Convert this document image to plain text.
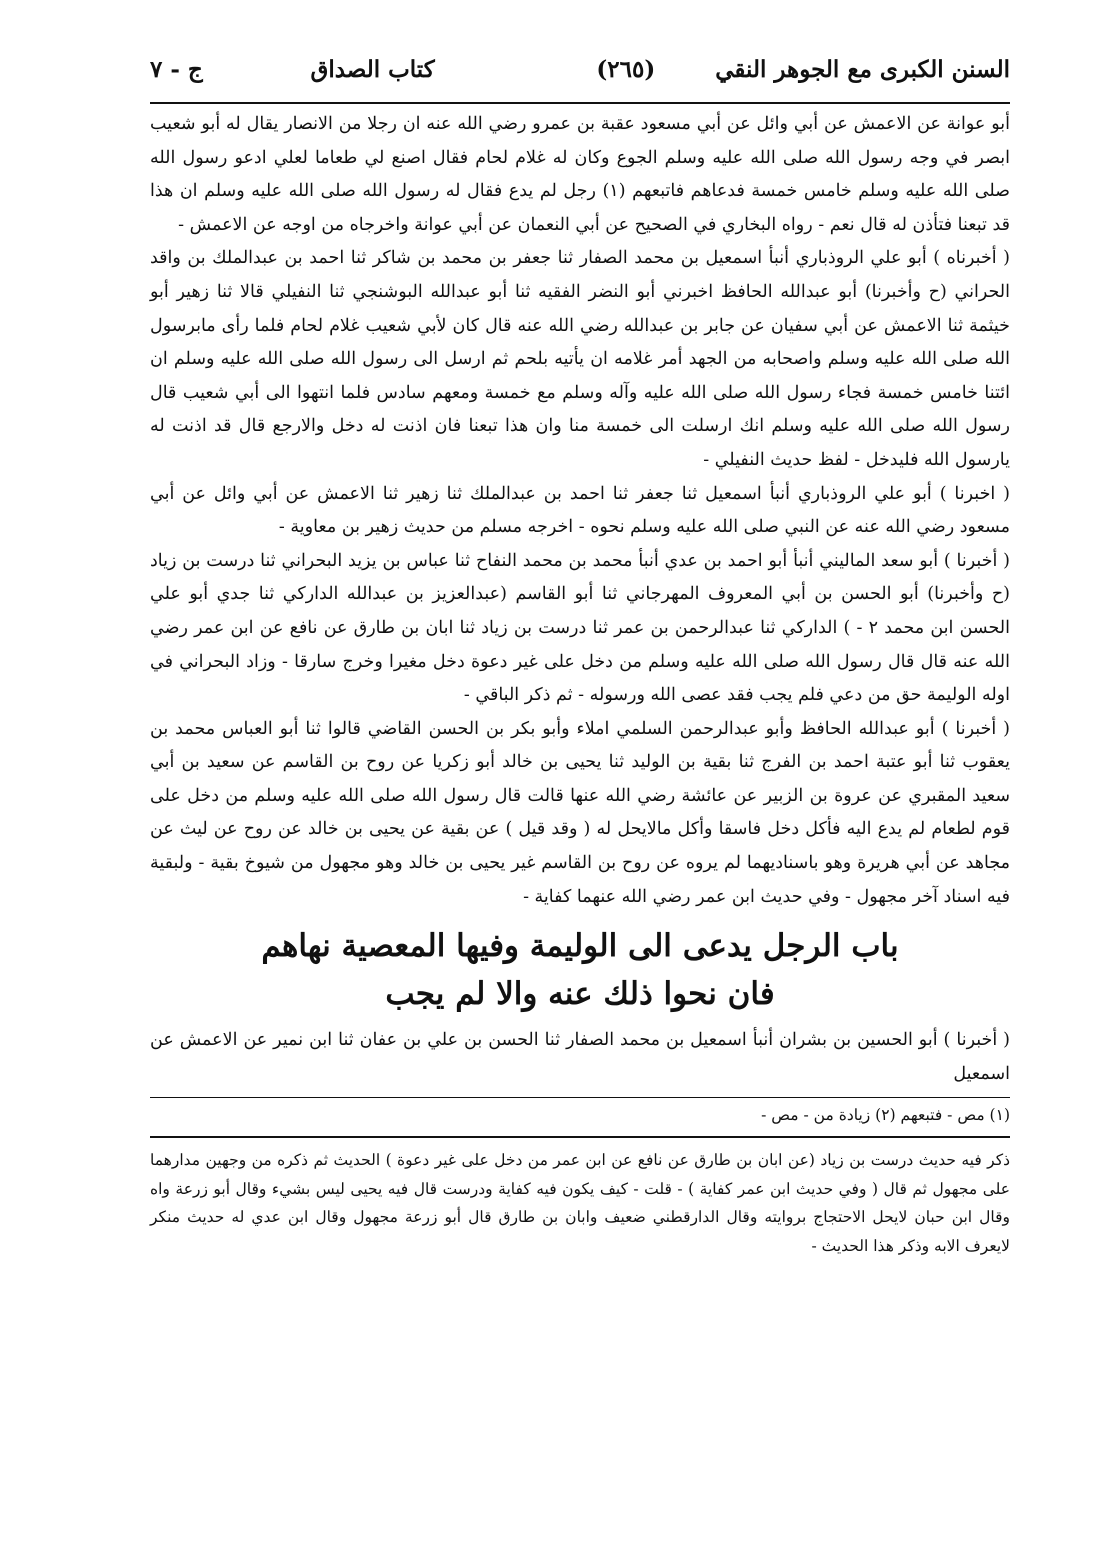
السنن الكبرى مع الجوهر النقي
(٢٦٥)
كتاب الصداق
ج - ٧

أبو عوانة عن الاعمش عن أبي وائل عن أبي مسعود عقبة بن عمرو رضي الله عنه ان رجلا من الانصار يقال له أبو شعيب ابصر في وجه رسول الله صلى الله عليه وسلم الجوع وكان له غلام لحام فقال اصنع لي طعاما لعلي ادعو رسول الله صلى الله عليه وسلم خامس خمسة فدعاهم فاتبعهم (١) رجل لم يدع فقال له رسول الله صلى الله عليه وسلم ان هذا قد تبعنا فتأذن له قال نعم - رواه البخاري في الصحيح عن أبي النعمان عن أبي عوانة واخرجاه من اوجه عن الاعمش -

( أخبرناه ) أبو علي الروذباري أنبأ اسمعيل بن محمد الصفار ثنا جعفر بن محمد بن شاكر ثنا احمد بن عبدالملك بن واقد الحراني (ح وأخبرنا) أبو عبدالله الحافظ اخبرني أبو النضر الفقيه ثنا أبو عبدالله البوشنجي ثنا النفيلي قالا ثنا زهير أبو خيثمة ثنا الاعمش عن أبي سفيان عن جابر بن عبدالله رضي الله عنه قال كان لأبي شعيب غلام لحام فلما رأى مابرسول الله صلى الله عليه وسلم واصحابه من الجهد أمر غلامه ان يأتيه بلحم ثم ارسل الى رسول الله صلى الله عليه وسلم ان ائتنا خامس خمسة فجاء رسول الله صلى الله عليه وآله وسلم مع خمسة ومعهم سادس فلما انتهوا الى أبي شعيب قال رسول الله صلى الله عليه وسلم انك ارسلت الى خمسة منا وان هذا تبعنا فان اذنت له دخل والارجع قال قد اذنت له يارسول الله فليدخل - لفظ حديث النفيلي -

( اخبرنا ) أبو علي الروذباري أنبأ اسمعيل ثنا جعفر ثنا احمد بن عبدالملك ثنا زهير ثنا الاعمش عن أبي وائل عن أبي مسعود رضي الله عنه عن النبي صلى الله عليه وسلم نحوه - اخرجه مسلم من حديث زهير بن معاوية -

( أخبرنا ) أبو سعد الماليني أنبأ أبو احمد بن عدي أنبأ محمد بن محمد النفاح ثنا عباس بن يزيد البحراني ثنا درست بن زياد (ح وأخبرنا) أبو الحسن بن أبي المعروف المهرجاني ثنا أبو القاسم (عبدالعزيز بن عبدالله الداركي ثنا جدي أبو علي الحسن ابن محمد ٢ - ) الداركي ثنا عبدالرحمن بن عمر ثنا درست بن زياد ثنا ابان بن طارق عن نافع عن ابن عمر رضي الله عنه قال قال رسول الله صلى الله عليه وسلم من دخل على غير دعوة دخل مغيرا وخرج سارقا - وزاد البحراني في اوله الوليمة حق من دعي فلم يجب فقد عصى الله ورسوله - ثم ذكر الباقي -

( أخبرنا ) أبو عبدالله الحافظ وأبو عبدالرحمن السلمي املاء وأبو بكر بن الحسن القاضي قالوا ثنا أبو العباس محمد بن يعقوب ثنا أبو عتبة احمد بن الفرج ثنا بقية بن الوليد ثنا يحيى بن خالد أبو زكريا عن روح بن القاسم عن سعيد بن أبي سعيد المقبري عن عروة بن الزبير عن عائشة رضي الله عنها قالت قال رسول الله صلى الله عليه وسلم من دخل على قوم لطعام لم يدع اليه فأكل دخل فاسقا وأكل مالايحل له ( وقد قيل ) عن بقية عن يحيى بن خالد عن روح عن ليث عن مجاهد عن أبي هريرة وهو باسناديهما لم يروه عن روح بن القاسم غير يحيى بن خالد وهو مجهول من شيوخ بقية - ولبقية فيه اسناد آخر مجهول - وفي حديث ابن عمر رضي الله عنهما كفاية -

باب الرجل يدعى الى الوليمة وفيها المعصية نهاهم
فان نحوا ذلك عنه والا لم يجب

( أخبرنا ) أبو الحسين بن بشران أنبأ اسمعيل بن محمد الصفار ثنا الحسن بن علي بن عفان ثنا ابن نمير عن الاعمش عن اسمعيل

(١) مص - فتبعهم (٢) زيادة من - مص -

ذكر فيه حديث درست بن زياد (عن ابان بن طارق عن نافع عن ابن عمر من دخل على غير دعوة ) الحديث ثم ذكره من وجهين مدارهما على مجهول ثم قال ( وفي حديث ابن عمر كفاية ) - قلت - كيف يكون فيه كفاية ودرست قال فيه يحيى ليس بشيء وقال أبو زرعة واه وقال ابن حبان لايحل الاحتجاج بروايته وقال الدارقطني ضعيف وابان بن طارق قال أبو زرعة مجهول وقال ابن عدي له حديث منكر لايعرف الابه وذكر هذا الحديث -
